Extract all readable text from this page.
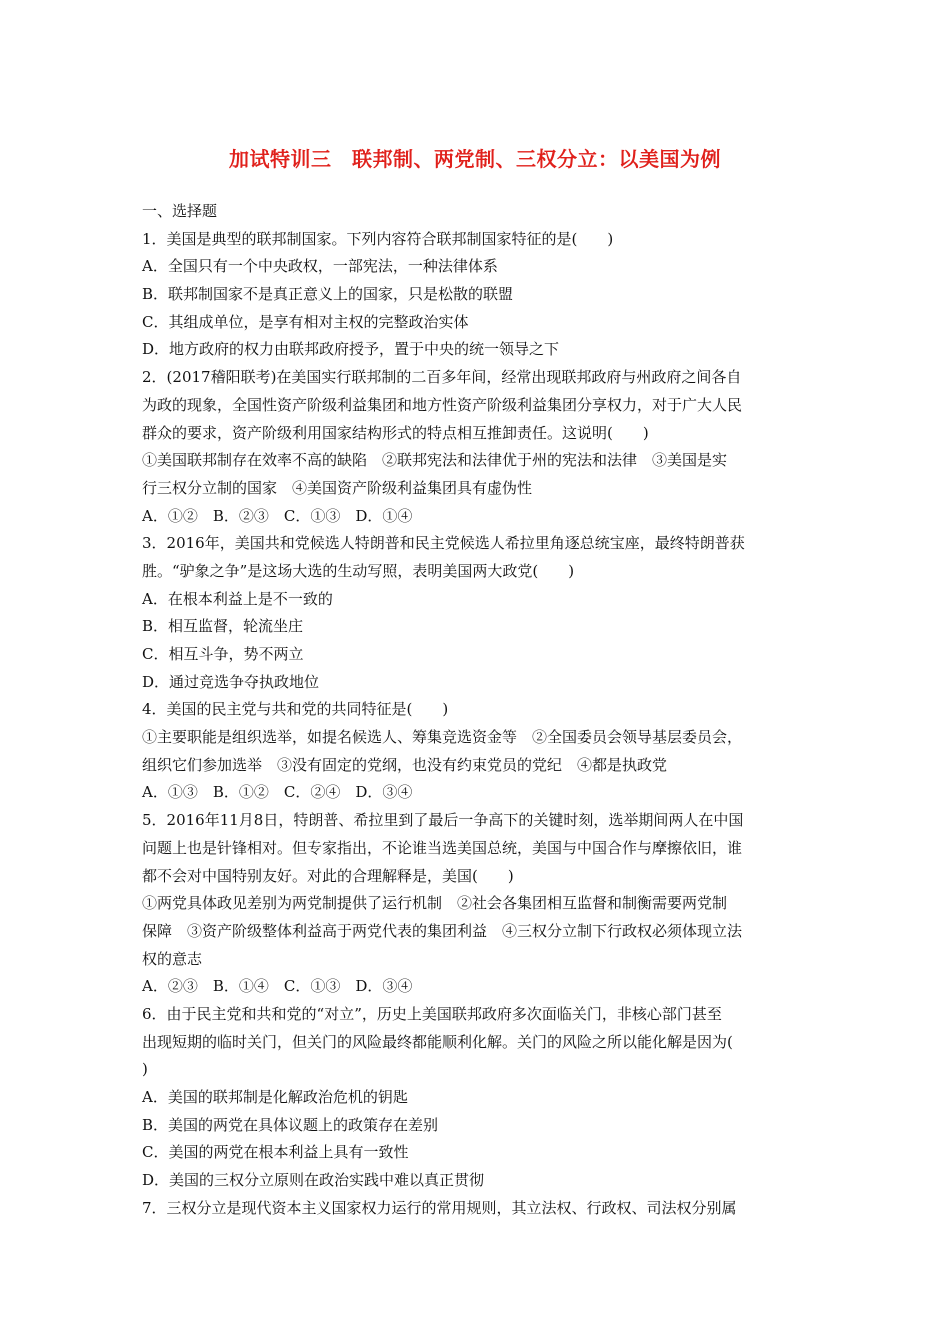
加试特训三　联邦制、两党制、三权分立：以美国为例
一、选择题
1．美国是典型的联邦制国家。下列内容符合联邦制国家特征的是(　　)
A．全国只有一个中央政权，一部宪法，一种法律体系
B．联邦制国家不是真正意义上的国家，只是松散的联盟
C．其组成单位，是享有相对主权的完整政治实体
D．地方政府的权力由联邦政府授予，置于中央的统一领导之下
2．(2017稽阳联考)在美国实行联邦制的二百多年间，经常出现联邦政府与州政府之间各自
为政的现象，全国性资产阶级利益集团和地方性资产阶级利益集团分享权力，对于广大人民
群众的要求，资产阶级利用国家结构形式的特点相互推卸责任。这说明(　　)
①美国联邦制存在效率不高的缺陷　②联邦宪法和法律优于州的宪法和法律　③美国是实
行三权分立制的国家　④美国资产阶级利益集团具有虚伪性
A．①②　B．②③　C．①③　D．①④
3．2016年，美国共和党候选人特朗普和民主党候选人希拉里角逐总统宝座，最终特朗普获
胜。“驴象之争”是这场大选的生动写照，表明美国两大政党(　　)
A．在根本利益上是不一致的
B．相互监督，轮流坐庄
C．相互斗争，势不两立
D．通过竞选争夺执政地位
4．美国的民主党与共和党的共同特征是(　　)
①主要职能是组织选举，如提名候选人、筹集竞选资金等　②全国委员会领导基层委员会，
组织它们参加选举　③没有固定的党纲，也没有约束党员的党纪　④都是执政党
A．①③　B．①②　C．②④　D．③④
5．2016年11月8日，特朗普、希拉里到了最后一争高下的关键时刻，选举期间两人在中国
问题上也是针锋相对。但专家指出，不论谁当选美国总统，美国与中国合作与摩擦依旧，谁
都不会对中国特别友好。对此的合理解释是，美国(　　)
①两党具体政见差别为两党制提供了运行机制　②社会各集团相互监督和制衡需要两党制
保障　③资产阶级整体利益高于两党代表的集团利益　④三权分立制下行政权必须体现立法
权的意志
A．②③　B．①④　C．①③　D．③④
6．由于民主党和共和党的“对立”，历史上美国联邦政府多次面临关门，非核心部门甚至
出现短期的临时关门，但关门的风险最终都能顺利化解。关门的风险之所以能化解是因为(
)
A．美国的联邦制是化解政治危机的钥匙
B．美国的两党在具体议题上的政策存在差别
C．美国的两党在根本利益上具有一致性
D．美国的三权分立原则在政治实践中难以真正贯彻
7．三权分立是现代资本主义国家权力运行的常用规则，其立法权、行政权、司法权分别属
